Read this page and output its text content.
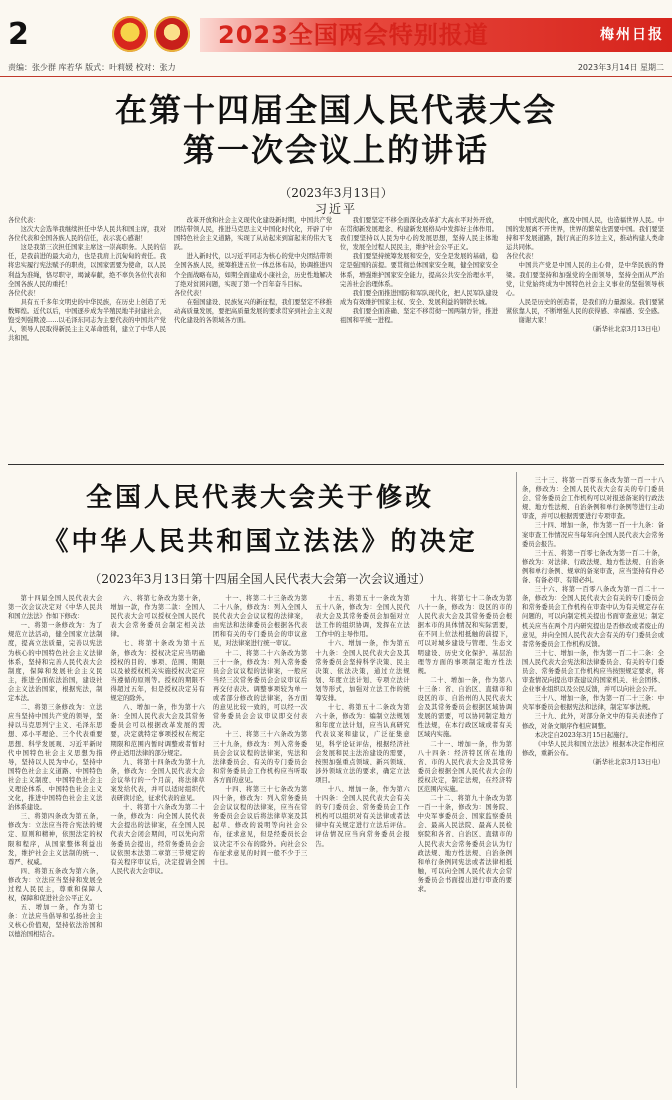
2	2023全国两会特别报道	梅州日报
责编：张少群 库若华 版式：叶莉媛 校对：张力	2023年3月14日 星期二
在第十四届全国人民代表大会
第一次会议上的讲话
（2023年3月13日）
习近平

各位代表：

这次大会选举我继续担任中华人民共和国主席，我对各位代表和全国各族人民的信任，表示衷心感谢！

这是我第三次担任国家主席这一崇高职务。人民的信任，是我前进的最大动力，也是我肩上沉甸甸的责任。我将忠实履行宪法赋予的职责，以国家需要为使命，以人民利益为准绳，恪尽职守，竭诚奉献，绝不辜负各位代表和全国各族人民的重托！

各位代表！

具有五千多年文明史的中华民族，在历史上创造了无数辉煌。近代以后，中国逐步成为半殖民地半封建社会，饱受列强欺凌……以毛泽东同志为主要代表的中国共产党人，领导人民取得新民主主义革命胜利，建立了中华人民共和国。

改革开放和社会主义现代化建设新时期，中国共产党团结带领人民，推进马克思主义中国化时代化，开辟了中国特色社会主义道路，实现了从站起来到富起来的伟大飞跃。

进入新时代，以习近平同志为核心的党中央团结带领全国各族人民，统筹推进五位一体总体布局，协调推进四个全面战略布局，如期全面建成小康社会，历史性地解决了绝对贫困问题，实现了第一个百年奋斗目标。

各位代表！

在强国建设、民族复兴的新征程，我们要坚定不移推动高质量发展，要把高质量发展的要求贯穿到社会主义现代化建设的各领域各方面。

我们要坚定不移全面深化改革扩大高水平对外开放，在贯彻新发展理念、构建新发展格局中发挥好主体作用。我们要坚持以人民为中心的发展思想，坚持人民主体地位，发展全过程人民民主，维护社会公平正义。

我们要坚持统筹发展和安全，安全是发展的基础，稳定是强国的前提。要贯彻总体国家安全观，健全国家安全体系，增强维护国家安全能力，提高公共安全治理水平，完善社会治理体系。

我们要全面推进国防和军队现代化，把人民军队建设成为有效维护国家主权、安全、发展利益的钢铁长城。

我们要全面准确、坚定不移贯彻一国两制方针，推进祖国和平统一进程。

中国式现代化，惠及中国人民，也造福世界人民。中国的发展离不开世界，世界的繁荣也需要中国。我们要坚持和平发展道路，践行真正的多边主义，推动构建人类命运共同体。

各位代表！

中国共产党是中国人民的主心骨，是中华民族的脊梁。我们要坚持和加强党的全面领导，坚持全面从严治党，让党始终成为中国特色社会主义事业的坚强领导核心。

人民是历史的创造者，是我们的力量源泉。我们要紧紧依靠人民，不断增强人民的获得感、幸福感、安全感。

谢谢大家！

（新华社北京3月13日电）

全国人民代表大会关于修改
《中华人民共和国立法法》的决定
（2023年3月13日第十四届全国人民代表大会第一次会议通过）

第十四届全国人民代表大会第一次会议决定对《中华人民共和国立法法》作如下修改：

一、将第一条修改为：为了规范立法活动，健全国家立法制度，提高立法质量，完善以宪法为核心的中国特色社会主义法律体系，坚持和完善人民代表大会制度，保障和发展社会主义民主，推进全面依法治国，建设社会主义法治国家，根据宪法，制定本法。

二、将第三条修改为：立法应当坚持中国共产党的领导，坚持以马克思列宁主义、毛泽东思想、邓小平理论、三个代表重要思想、科学发展观、习近平新时代中国特色社会主义思想为指导，坚持以人民为中心，坚持中国特色社会主义道路、中国特色社会主义制度、中国特色社会主义理论体系、中国特色社会主义文化，推进中国特色社会主义法治体系建设。

三、将第四条改为第五条，修改为：立法应当符合宪法的规定、原则和精神，依照法定的权限和程序，从国家整体利益出发，维护社会主义法制的统一、尊严、权威。

四、将第五条改为第六条，修改为：立法应当坚持和发展全过程人民民主，尊重和保障人权，保障和促进社会公平正义。

五、增加一条，作为第七条：立法应当倡导和弘扬社会主义核心价值观，坚持依法治国和以德治国相结合。

六、将第七条改为第十条，增加一款，作为第二款：全国人民代表大会可以授权全国人民代表大会常务委员会制定相关法律。

七、将第十条改为第十五条，修改为：授权决定应当明确授权的目的、事项、范围、期限以及被授权机关实施授权决定应当遵循的原则等。授权的期限不得超过五年，但是授权决定另有规定的除外。

八、增加一条，作为第十六条：全国人民代表大会及其常务委员会可以根据改革发展的需要，决定就特定事项授权在规定期限和范围内暂时调整或者暂时停止适用法律的部分规定。

九、将第十四条改为第十九条，修改为：全国人民代表大会会议举行的一个月前，将法律草案发给代表，并可以适时组织代表研读讨论，征求代表的意见。

十、将第十六条改为第二十一条，修改为：向全国人民代表大会提出的法律案，在全国人民代表大会闭会期间，可以先向常务委员会提出，经常务委员会会议依照本法第二章第三节规定的有关程序审议后，决定提请全国人民代表大会审议。

十一、将第二十三条改为第二十八条，修改为：列入全国人民代表大会会议议程的法律案，由宪法和法律委员会根据各代表团和有关的专门委员会的审议意见，对法律案进行统一审议。

十二、将第二十六条改为第三十一条，修改为：列入常务委员会会议议程的法律案，一般应当经三次常务委员会会议审议后再交付表决。调整事项较为单一或者部分修改的法律案，各方面的意见比较一致的，可以经一次常务委员会会议审议即交付表决。

十三、将第三十六条改为第三十九条，修改为：列入常务委员会会议议程的法律案，宪法和法律委员会、有关的专门委员会和常务委员会工作机构应当听取各方面的意见。

十四、将第三十七条改为第四十条，修改为：列入常务委员会会议议程的法律案，应当在常务委员会会议后将法律草案及其起草、修改的说明等向社会公布，征求意见，但是经委员长会议决定不公布的除外。向社会公布征求意见的时间一般不少于三十日。

十五、将第五十一条改为第五十八条，修改为：全国人民代表大会及其常务委员会加强对立法工作的组织协调，发挥在立法工作中的主导作用。

十六、增加一条，作为第五十九条：全国人民代表大会及其常务委员会坚持科学决策、民主决策、依法决策，通过立法规划、年度立法计划、专项立法计划等形式，加强对立法工作的统筹安排。

十七、将第五十二条改为第六十条，修改为：编制立法规划和年度立法计划，应当认真研究代表议案和建议，广泛征集意见，科学论证评估，根据经济社会发展和民主法治建设的需要，按照加强重点领域、新兴领域、涉外领域立法的要求，确定立法项目。

十八、增加一条，作为第六十四条：全国人民代表大会有关的专门委员会、常务委员会工作机构可以组织对有关法律或者法律中有关规定进行立法后评估。评估情况应当向常务委员会报告。

十九、将第七十二条改为第八十一条，修改为：设区的市的人民代表大会及其常务委员会根据本市的具体情况和实际需要，在不同上位法相抵触的前提下，可以对城乡建设与管理、生态文明建设、历史文化保护、基层治理等方面的事项制定地方性法规。

二十、增加一条，作为第八十三条：省、自治区、直辖市和设区的市、自治州的人民代表大会及其常务委员会根据区域协调发展的需要，可以协同制定地方性法规，在本行政区域或者有关区域内实施。

二十一、增加一条，作为第八十四条：经济特区所在地的省、市的人民代表大会及其常务委员会根据全国人民代表大会的授权决定，制定法规，在经济特区范围内实施。

二十二、将第九十条改为第一百一十条，修改为：国务院、中央军事委员会、国家监察委员会、最高人民法院、最高人民检察院和各省、自治区、直辖市的人民代表大会常务委员会认为行政法规、地方性法规、自治条例和单行条例同宪法或者法律相抵触，可以向全国人民代表大会常务委员会书面提出进行审查的要求。

三十三、将第一百零五条改为第一百一十八条，修改为：全国人民代表大会有关的专门委员会、常务委员会工作机构可以对报送备案的行政法规、地方性法规、自治条例和单行条例等进行主动审查，并可以根据需要进行专项审查。

三十四、增加一条，作为第一百一十九条：备案审查工作情况应当每年向全国人民代表大会常务委员会报告。

三十五、将第一百零七条改为第一百二十条，修改为：对法律、行政法规、地方性法规、自治条例和单行条例、规章的备案审查，应当坚持有件必备、有备必审、有错必纠。

三十六、将第一百零八条改为第一百二十一条，修改为：全国人民代表大会有关的专门委员会和常务委员会工作机构在审查中认为有关规定存在问题的，可以向制定机关提出书面审查意见；制定机关应当在两个月内研究提出是否修改或者废止的意见，并向全国人民代表大会有关的专门委员会或者常务委员会工作机构反馈。

三十七、增加一条，作为第一百二十二条：全国人民代表大会宪法和法律委员会、有关的专门委员会、常务委员会工作机构应当按照规定要求，将审查情况向提出审查建议的国家机关、社会团体、企业事业组织以及公民反馈，并可以向社会公开。

三十八、增加一条，作为第一百二十三条：中央军事委员会根据宪法和法律，制定军事法规。

三十九、此外，对部分条文中的有关表述作了修改，对条文顺序作相应调整。

本决定自2023年3月15日起施行。

《中华人民共和国立法法》根据本决定作相应修改，重新公布。

（新华社北京3月13日电）
